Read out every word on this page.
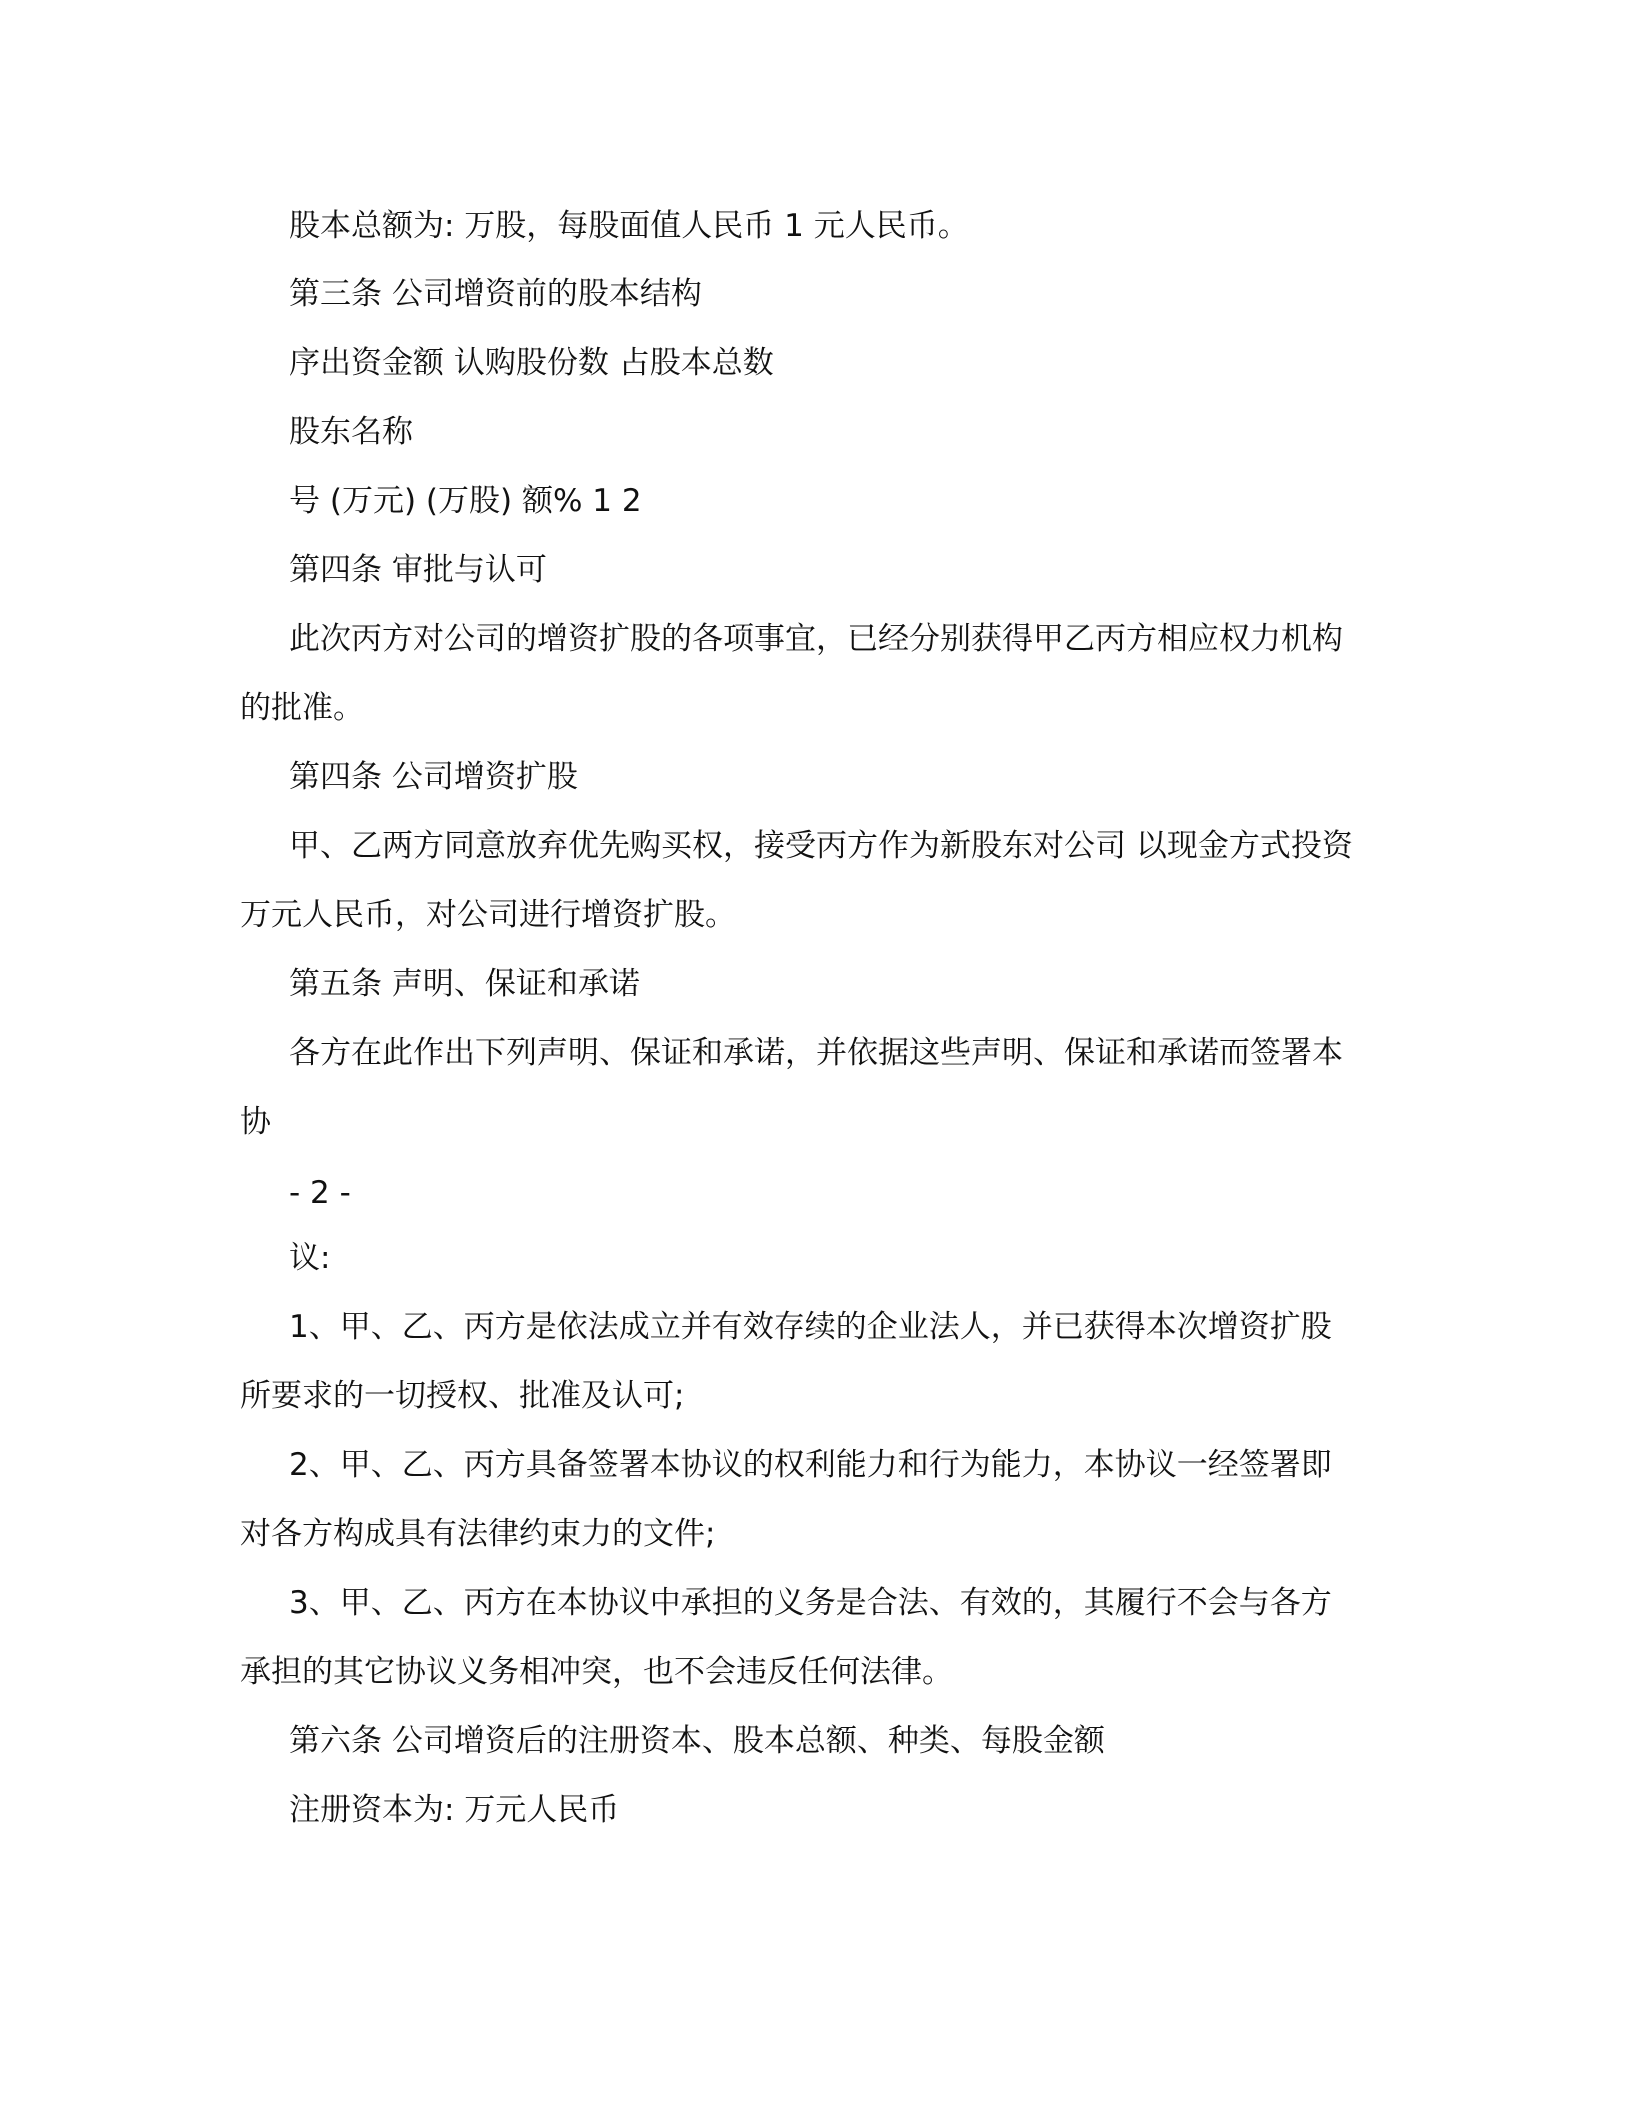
股本总额为: 万股，每股面值人民币 1 元人民币。
第三条 公司增资前的股本结构
序出资金额 认购股份数 占股本总数
股东名称
号 (万元) (万股) 额% 1 2
第四条 审批与认可
此次丙方对公司的增资扩股的各项事宜，已经分别获得甲乙丙方相应权力机构
的批准。
第四条 公司增资扩股
甲、乙两方同意放弃优先购买权，接受丙方作为新股东对公司 以现金方式投资
万元人民币，对公司进行增资扩股。
第五条 声明、保证和承诺
各方在此作出下列声明、保证和承诺，并依据这些声明、保证和承诺而签署本
协
- 2 -
议:
1、甲、乙、丙方是依法成立并有效存续的企业法人，并已获得本次增资扩股
所要求的一切授权、批准及认可;
2、甲、乙、丙方具备签署本协议的权利能力和行为能力，本协议一经签署即
对各方构成具有法律约束力的文件;
3、甲、乙、丙方在本协议中承担的义务是合法、有效的，其履行不会与各方
承担的其它协议义务相冲突，也不会违反任何法律。
第六条 公司增资后的注册资本、股本总额、种类、每股金额
注册资本为: 万元人民币
